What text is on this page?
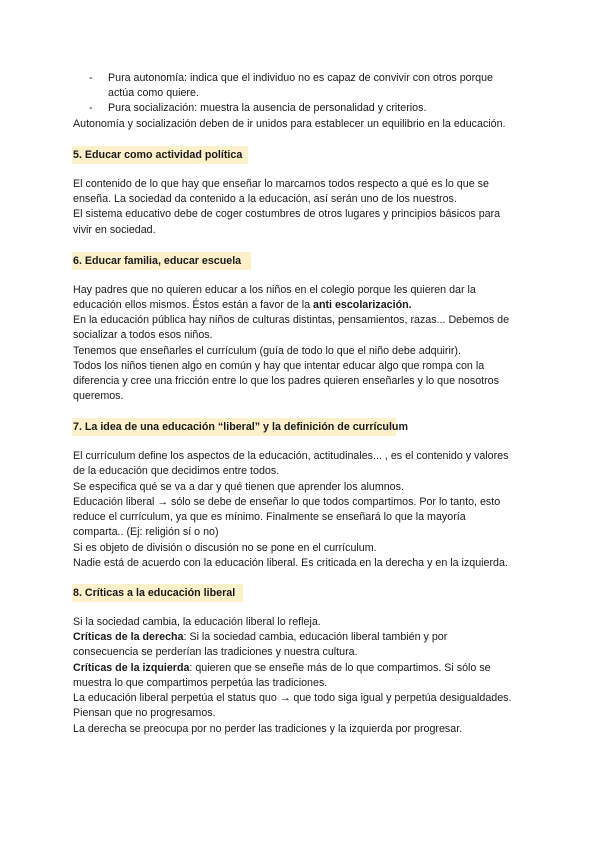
- Pura autonomía: indica que el individuo no es capaz de convivir con otros porque
actúa como quiere.
- Pura socialización: muestra la ausencia de personalidad y criterios.
Autonomía y socialización deben de ir unidos para establecer un equilibrio en la educación.
5. Educar como actividad política
El contenido de lo que hay que enseñar lo marcamos todos respecto a qué es lo que se
enseña. La sociedad da contenido a la educación, así serán uno de los nuestros.
El sistema educativo debe de coger costumbres de otros lugares y principios básicos para
vivir en sociedad.
6. Educar familia, educar escuela
Hay padres que no quieren educar a los niños en el colegio porque les quieren dar la
educación ellos mismos. Éstos están a favor de la anti escolarización.
En la educación pública hay niños de culturas distintas, pensamientos, razas... Debemos de
socializar a todos esos niños.
Tenemos que enseñarles el currículum (guía de todo lo que el niño debe adquirir).
Todos los niños tienen algo en común y hay que intentar educar algo que rompa con la
diferencia y cree una fricción entre lo que los padres quieren enseñarles y lo que nosotros
queremos.
7. La idea de una educación “liberal” y la definición de currículum
El currículum define los aspectos de la educación, actitudinales... , es el contenido y valores
de la educación que decidimos entre todos.
Se especifica qué se va a dar y qué tienen que aprender los alumnos.
Educación liberal → sólo se debe de enseñar lo que todos compartimos. Por lo tanto, esto
reduce el currículum, ya que es mínimo. Finalmente se enseñará lo que la mayoría
comparta.. (Ej: religión sí o no)
Si es objeto de división o discusión no se pone en el currículum.
Nadie está de acuerdo con la educación liberal. Es criticada en la derecha y en la izquierda.
8. Críticas a la educación liberal
Si la sociedad cambia, la educación liberal lo refleja.
Críticas de la derecha: Si la sociedad cambia, educación liberal también y por
consecuencia se perderían las tradiciones y nuestra cultura.
Críticas de la izquierda: quieren que se enseñe más de lo que compartimos. Si sólo se
muestra lo que compartimos perpetúa las tradiciones.
La educación liberal perpetúa el status quo → que todo siga igual y perpetúa desigualdades.
Piensan que no progresamos.
La derecha se preocupa por no perder las tradiciones y la izquierda por progresar.
